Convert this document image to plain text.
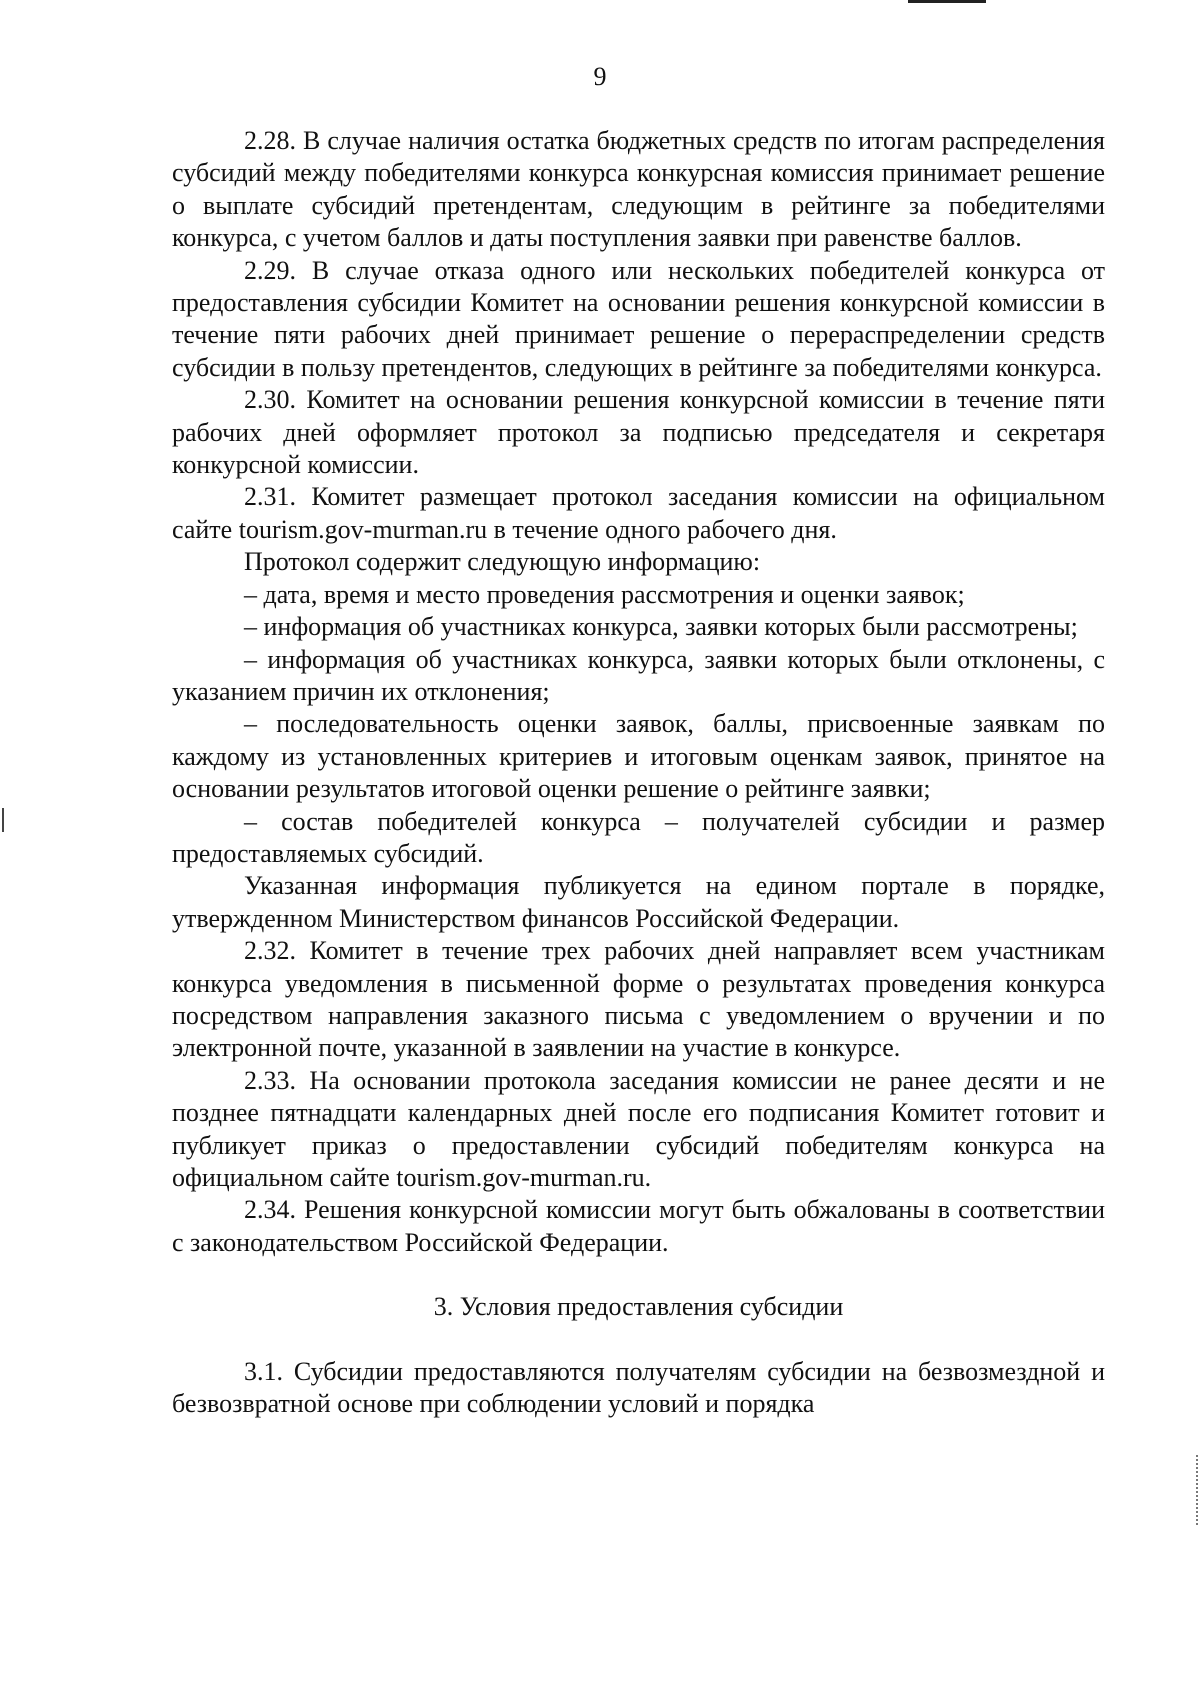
9

2.28. В случае наличия остатка бюджетных средств по итогам распределения субсидий между победителями конкурса конкурсная комиссия принимает решение о выплате субсидий претендентам, следующим в рейтинге за победителями конкурса, с учетом баллов и даты поступления заявки при равенстве баллов.

2.29. В случае отказа одного или нескольких победителей конкурса от предоставления субсидии Комитет на основании решения конкурсной комиссии в течение пяти рабочих дней принимает решение о перераспределении средств субсидии в пользу претендентов, следующих в рейтинге за победителями конкурса.

2.30. Комитет на основании решения конкурсной комиссии в течение пяти рабочих дней оформляет протокол за подписью председателя и секретаря конкурсной комиссии.

2.31. Комитет размещает протокол заседания комиссии на официальном сайте tourism.gov-murman.ru в течение одного рабочего дня.

Протокол содержит следующую информацию:

– дата, время и место проведения рассмотрения и оценки заявок;

– информация об участниках конкурса, заявки которых были рассмотрены;

– информация об участниках конкурса, заявки которых были отклонены, с указанием причин их отклонения;

– последовательность оценки заявок, баллы, присвоенные заявкам по каждому из установленных критериев и итоговым оценкам заявок, принятое на основании результатов итоговой оценки решение о рейтинге заявки;

– состав победителей конкурса – получателей субсидии и размер предоставляемых субсидий.

Указанная информация публикуется на едином портале в порядке, утвержденном Министерством финансов Российской Федерации.

2.32. Комитет в течение трех рабочих дней направляет всем участникам конкурса уведомления в письменной форме о результатах проведения конкурса посредством направления заказного письма с уведомлением о вручении и по электронной почте, указанной в заявлении на участие в конкурсе.

2.33. На основании протокола заседания комиссии не ранее десяти и не позднее пятнадцати календарных дней после его подписания Комитет готовит и публикует приказ о предоставлении субсидий победителям конкурса на официальном сайте tourism.gov-murman.ru.

2.34. Решения конкурсной комиссии могут быть обжалованы в соответствии с законодательством Российской Федерации.

3. Условия предоставления субсидии

3.1. Субсидии предоставляются получателям субсидии на безвозмездной и безвозвратной основе при соблюдении условий и порядка
